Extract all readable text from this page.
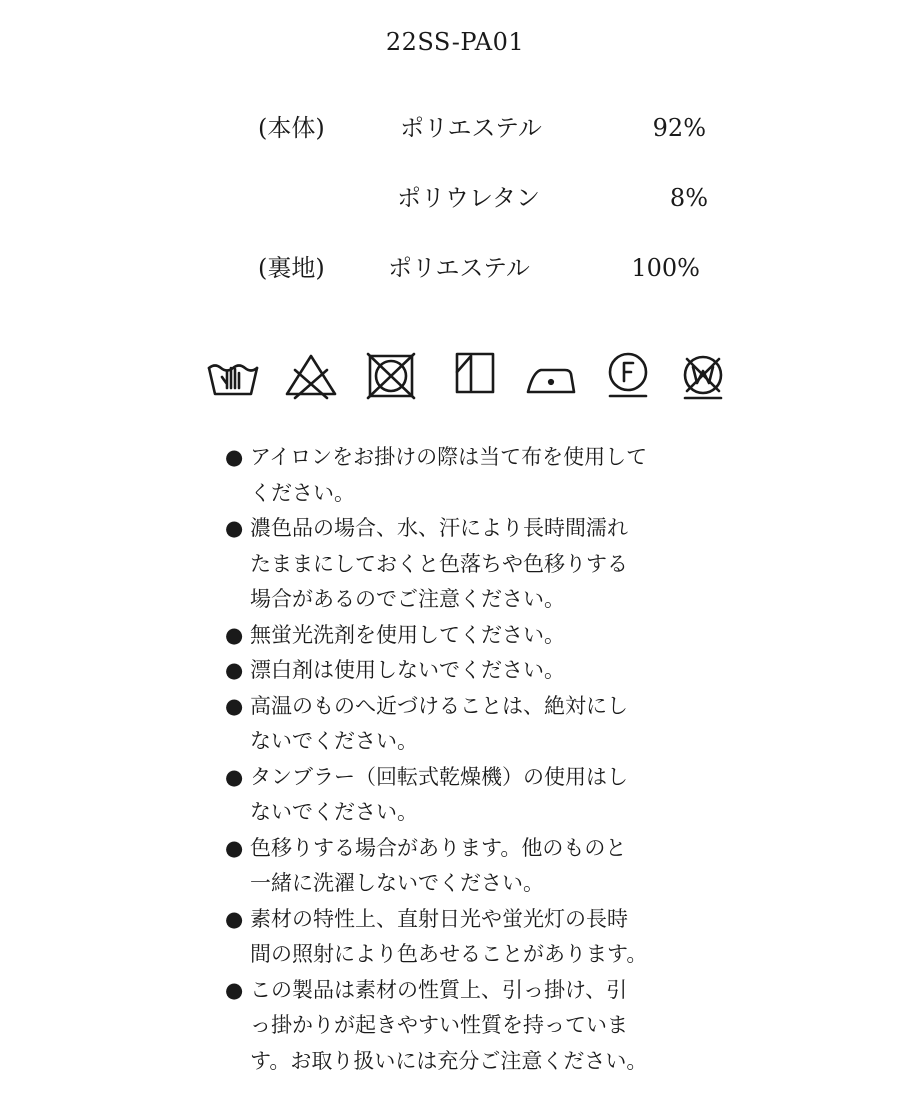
22SS-PA01
(本体)	ポリエステル	92%
ポリウレタン	8%
(裏地)	ポリエステル	100%
● アイロンをお掛けの際は当て布を使用して
ください。
● 濃色品の場合、水、汗により長時間濡れ
たままにしておくと色落ちや色移りする
場合があるのでご注意ください。
● 無蛍光洗剤を使用してください。
● 漂白剤は使用しないでください。
● 高温のものへ近づけることは、絶対にし
ないでください。
● タンブラー（回転式乾燥機）の使用はし
ないでください。
● 色移りする場合があります。他のものと
一緒に洗濯しないでください。
● 素材の特性上、直射日光や蛍光灯の長時
間の照射により色あせることがあります。
● この製品は素材の性質上、引っ掛け、引
っ掛かりが起きやすい性質を持っていま
す。お取り扱いには充分ご注意ください。
